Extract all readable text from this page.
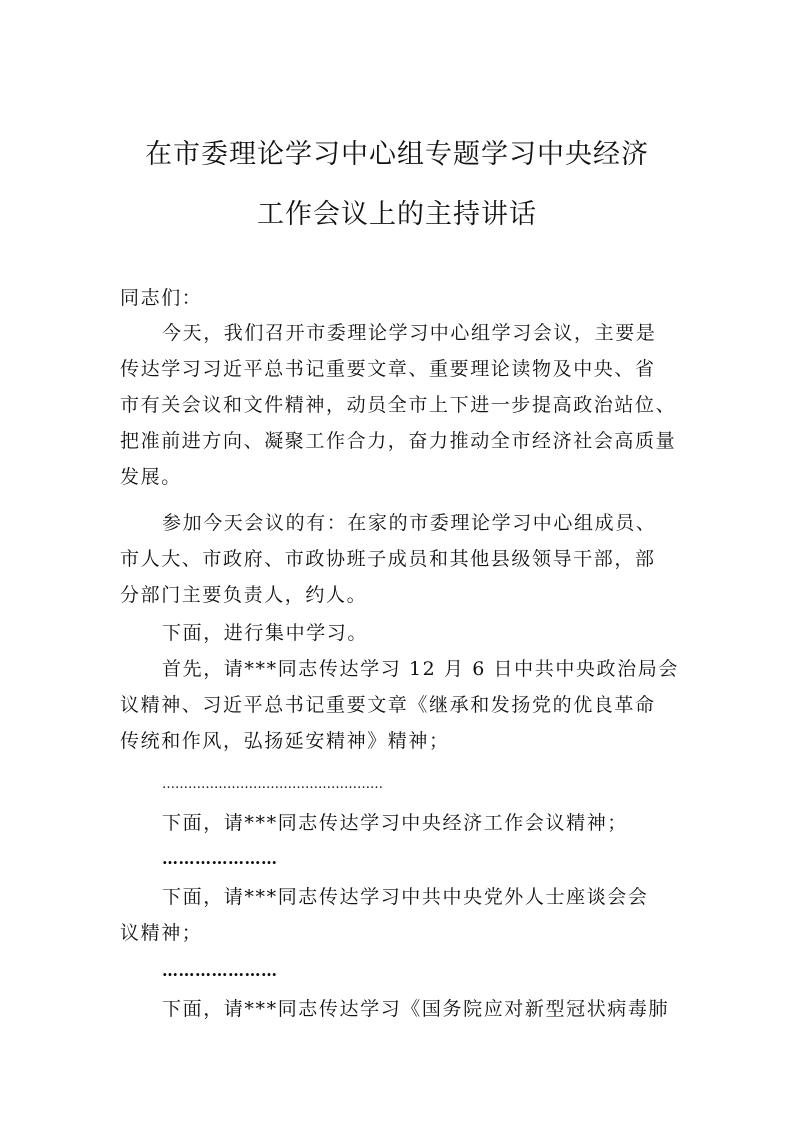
在市委理论学习中心组专题学习中央经济
工作会议上的主持讲话
同志们：
今天，我们召开市委理论学习中心组学习会议，主要是
传达学习习近平总书记重要文章、重要理论读物及中央、省
市有关会议和文件精神，动员全市上下进一步提高政治站位、
把准前进方向、凝聚工作合力，奋力推动全市经济社会高质量
发展。
参加今天会议的有：在家的市委理论学习中心组成员、
市人大、市政府、市政协班子成员和其他县级领导干部，部
分部门主要负责人，约人。
下面，进行集中学习。
首先，请***同志传达学习 12 月 6 日中共中央政治局会
议精神、习近平总书记重要文章《继承和发扬党的优良革命
传统和作风，弘扬延安精神》精神；
……………………………………………
下面，请***同志传达学习中央经济工作会议精神；
…………………
下面，请***同志传达学习中共中央党外人士座谈会会
议精神；
…………………
下面，请***同志传达学习《国务院应对新型冠状病毒肺
